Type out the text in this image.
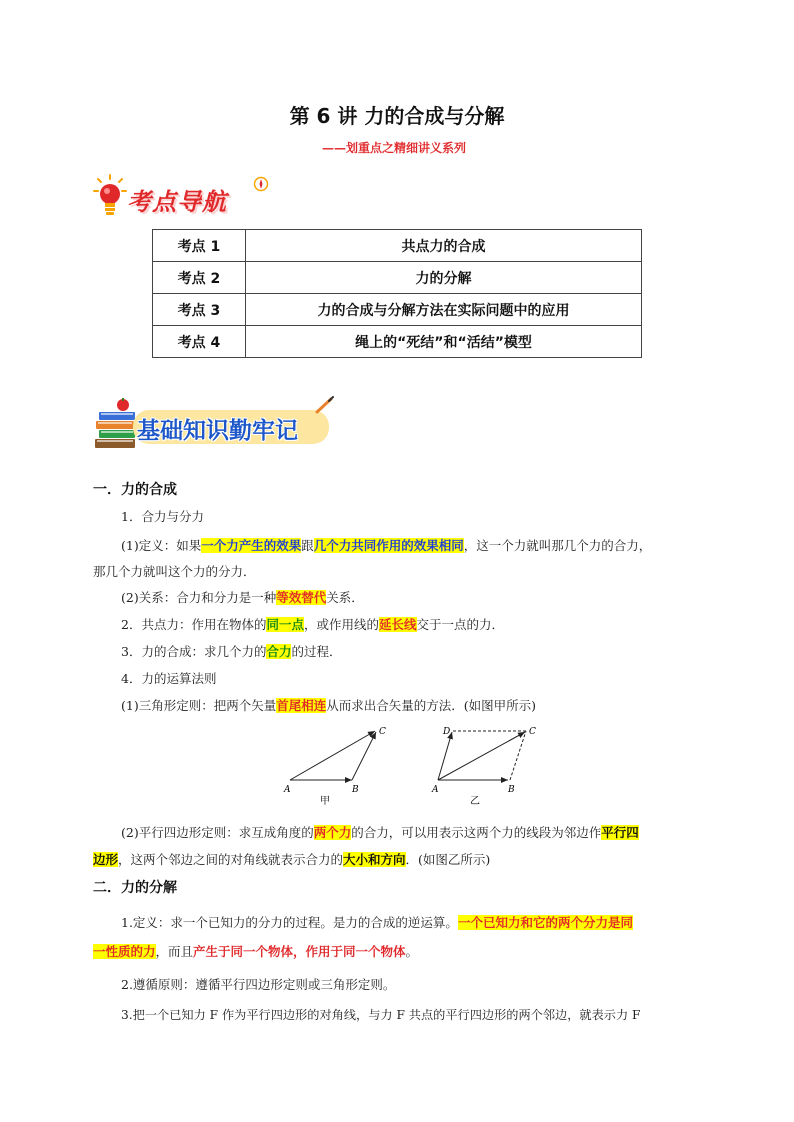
第 6 讲 力的合成与分解
——划重点之精细讲义系列
考点导航
考点 1	共点力的合成
考点 2	力的分解
考点 3	力的合成与分解方法在实际问题中的应用
考点 4	绳上的“死结”和“活结”模型
基础知识勤牢记
一．力的合成
1．合力与分力
(1)定义：如果一个力产生的效果跟几个力共同作用的效果相同，这一个力就叫那几个力的合力，
那几个力就叫这个力的分力．
(2)关系：合力和分力是一种等效替代关系．
2．共点力：作用在物体的同一点，或作用线的延长线交于一点的力．
3．力的合成：求几个力的合力的过程．
4．力的运算法则
(1)三角形定则：把两个矢量首尾相连从而求出合矢量的方法．(如图甲所示)
A	B
C
甲
A	B
C
D
乙
(2)平行四边形定则：求互成角度的两个力的合力，可以用表示这两个力的线段为邻边作平行四
边形，这两个邻边之间的对角线就表示合力的大小和方向．(如图乙所示)
二．力的分解
1.定义：求一个已知力的分力的过程。是力的合成的逆运算。一个已知力和它的两个分力是同
一性质的力，而且产生于同一个物体，作用于同一个物体。
2.遵循原则：遵循平行四边形定则或三角形定则。
3.把一个已知力 F 作为平行四边形的对角线，与力 F 共点的平行四边形的两个邻边，就表示力 F
